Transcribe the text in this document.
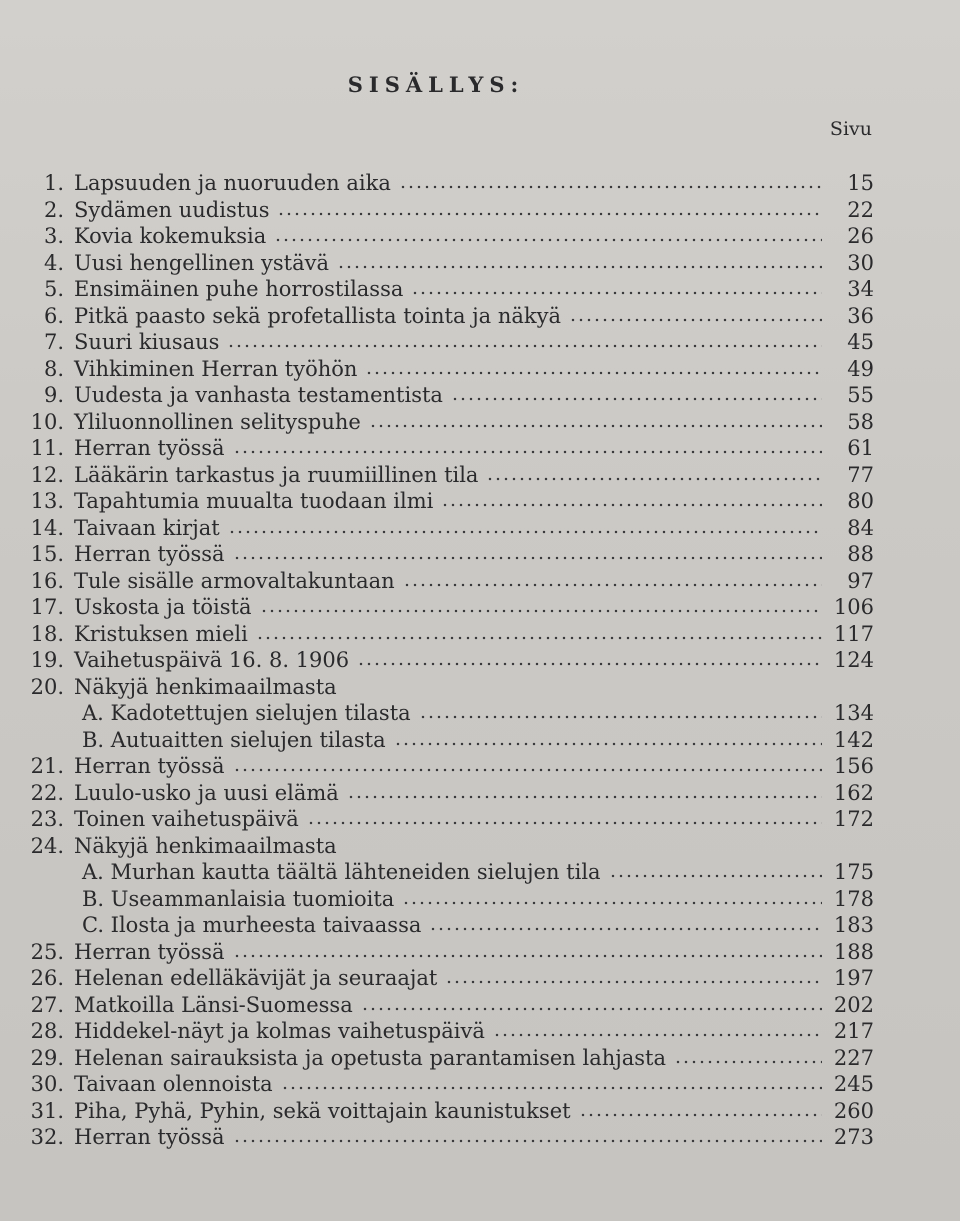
SISÄLLYS:
Sivu
1. Lapsuuden ja nuoruuden aika	15
2. Sydämen uudistus	22
3. Kovia kokemuksia	26
4. Uusi hengellinen ystävä	30
5. Ensimäinen puhe horrostilassa	34
6. Pitkä paasto sekä profetallista tointa ja näkyä	36
7. Suuri kiusaus	45
8. Vihkiminen Herran työhön	49
9. Uudesta ja vanhasta testamentista	55
10. Yliluonnollinen selityspuhe	58
11. Herran työssä	61
12. Lääkärin tarkastus ja ruumiillinen tila	77
13. Tapahtumia muualta tuodaan ilmi	80
14. Taivaan kirjat	84
15. Herran työssä	88
16. Tule sisälle armovaltakuntaan	97
17. Uskosta ja töistä	106
18. Kristuksen mieli	117
19. Vaihetuspäivä 16. 8. 1906	124
20. Näkyjä henkimaailmasta
A. Kadotettujen sielujen tilasta	134
B. Autuaitten sielujen tilasta	142
21. Herran työssä	156
22. Luulo-usko ja uusi elämä	162
23. Toinen vaihetuspäivä	172
24. Näkyjä henkimaailmasta
A. Murhan kautta täältä lähteneiden sielujen tila	175
B. Useammanlaisia tuomioita	178
C. Ilosta ja murheesta taivaassa	183
25. Herran työssä	188
26. Helenan edelläkävijät ja seuraajat	197
27. Matkoilla Länsi-Suomessa	202
28. Hiddekel-näyt ja kolmas vaihetuspäivä	217
29. Helenan sairauksista ja opetusta parantamisen lahjasta	227
30. Taivaan olennoista	245
31. Piha, Pyhä, Pyhin, sekä voittajain kaunistukset	260
32. Herran työssä	273
